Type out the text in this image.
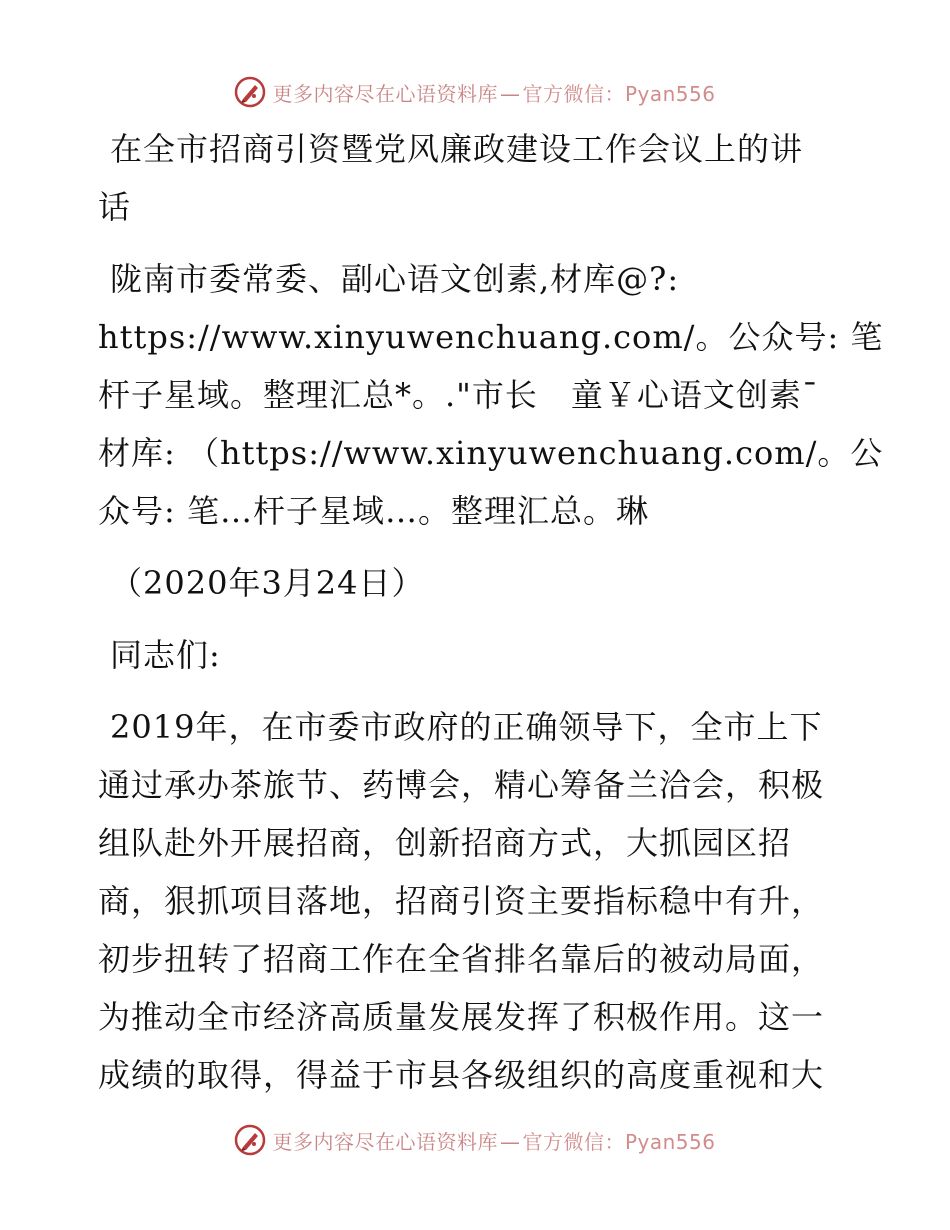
更多内容尽在心语资料库 — 官方微信：Pyan556
在全市招商引资暨党风廉政建设工作会议上的讲
话
陇南市委常委、副心语文创素,材库@?:
https://www.xinyuwenchuang.com/。公众号: 笔
杆子星域。整理汇总*。."市长　童￥心语文创素¯
材库: （https://www.xinyuwenchuang.com/。公
众号: 笔…杆子星域…。整理汇总。琳
（2020年3月24日）
同志们:
2019年，在市委市政府的正确领导下，全市上下
通过承办茶旅节、药博会，精心筹备兰洽会，积极
组队赴外开展招商，创新招商方式，大抓园区招
商，狠抓项目落地，招商引资主要指标稳中有升，
初步扭转了招商工作在全省排名靠后的被动局面，
为推动全市经济高质量发展发挥了积极作用。这一
成绩的取得，得益于市县各级组织的高度重视和大
更多内容尽在心语资料库 — 官方微信：Pyan556
